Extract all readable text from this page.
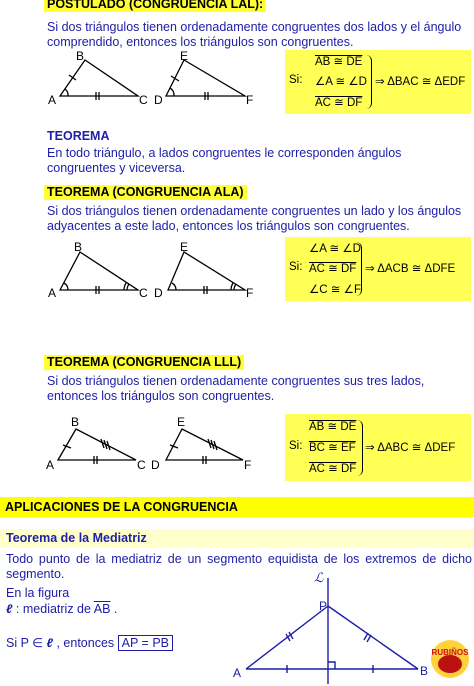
POSTULADO (CONGRUENCIA LAL):
Si dos triángulos tienen ordenadamente congruentes dos lados y el ángulo comprendido, entonces los triángulos son congruentes.
A
B
C D
E
F
Si:
AB ≅ DE
∠A ≅ ∠D
AC ≅ DF
⇒ ΔBAC ≅ ΔEDF
TEOREMA
En todo triángulo, a lados congruentes le corresponden ángulos congruentes y viceversa.
TEOREMA (CONGRUENCIA ALA)
Si dos triángulos tienen ordenadamente congruentes un lado y los ángulos adyacentes a este lado, entonces los triángulos son congruentes.
A
B
C D
E
F
Si:
∠A ≅ ∠D
AC ≅ DF
∠C ≅ ∠F
⇒ ΔACB ≅ ΔDFE
TEOREMA (CONGRUENCIA LLL)
Si dos triángulos tienen ordenadamente congruentes sus tres lados, entonces los triángulos son congruentes.
A
B
C D
E
F
Si:
AB ≅ DE
BC ≅ EF
AC ≅ DF
⇒ ΔABC ≅ ΔDEF
APLICACIONES DE LA CONGRUENCIA
Teorema de la Mediatriz
Todo punto de la mediatriz de un segmento equidista de los extremos de dicho segmento.
En la figura
ℓ : mediatriz de $\overline{AB}$ .
Si P ∈ ℓ , entonces AP = PB
ℒ
P
A	B
RUBIÑOS
